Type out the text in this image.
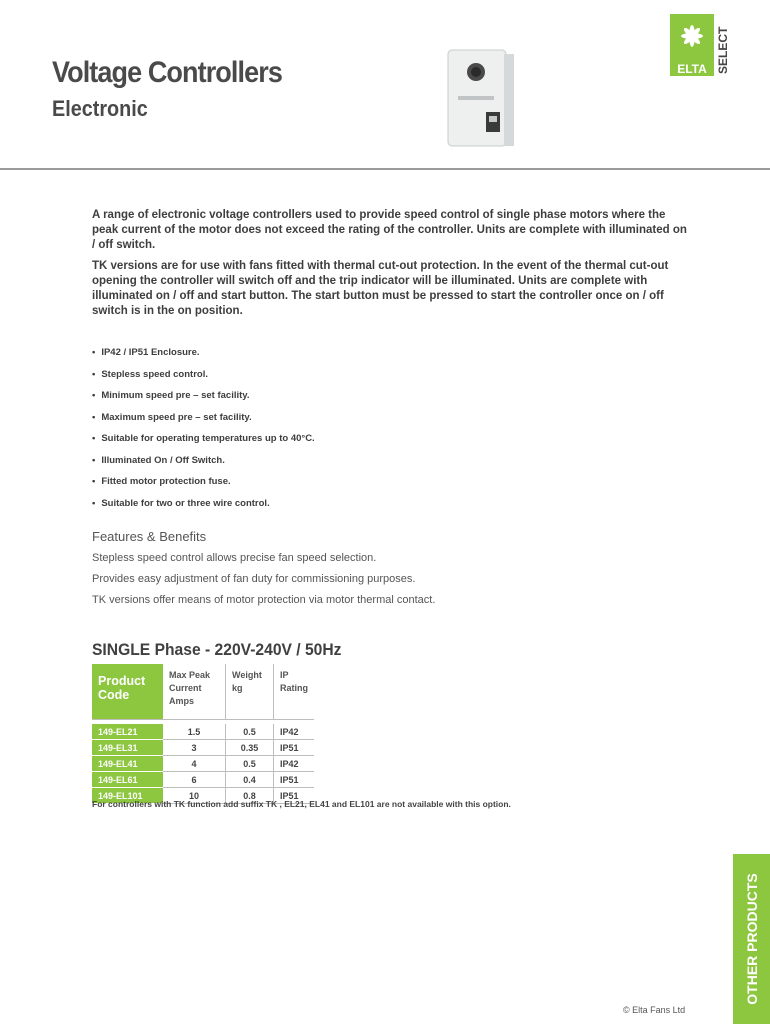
Voltage Controllers
Electronic
ELTA SELECT

A range of electronic voltage controllers used to provide speed control of single phase motors where the peak current of the motor does not exceed the rating of the controller. Units are complete with illuminated on / off switch.

TK versions are for use with fans fitted with thermal cut-out protection. In the event of the thermal cut-out opening the controller will switch off and the trip indicator will be illuminated. Units are complete with illuminated on / off and start button. The start button must be pressed to start the controller once on / off switch is in the on position.

• IP42 / IP51 Enclosure.
• Stepless speed control.
• Minimum speed pre – set facility.
• Maximum speed pre – set facility.
• Suitable for operating temperatures up to 40°C.
• Illuminated On / Off Switch.
• Fitted motor protection fuse.
• Suitable for two or three wire control.
Features & Benefits
Stepless speed control allows precise fan speed selection.
Provides easy adjustment of fan duty for commissioning purposes.
TK versions offer means of motor protection via motor thermal contact.
SINGLE Phase - 220V-240V / 50Hz
Product Code	Max Peak Current Amps	Weight kg	IP Rating

149-EL21	1.5	0.5	IP42
149-EL31	3	0.35	IP51
149-EL41	4	0.5	IP42
149-EL61	6	0.4	IP51
149-EL101	10	0.8	IP51
For controllers with TK function add suffix TK , EL21, EL41 and EL101 are not available with this option.
OTHER PRODUCTS
© Elta Fans Ltd
